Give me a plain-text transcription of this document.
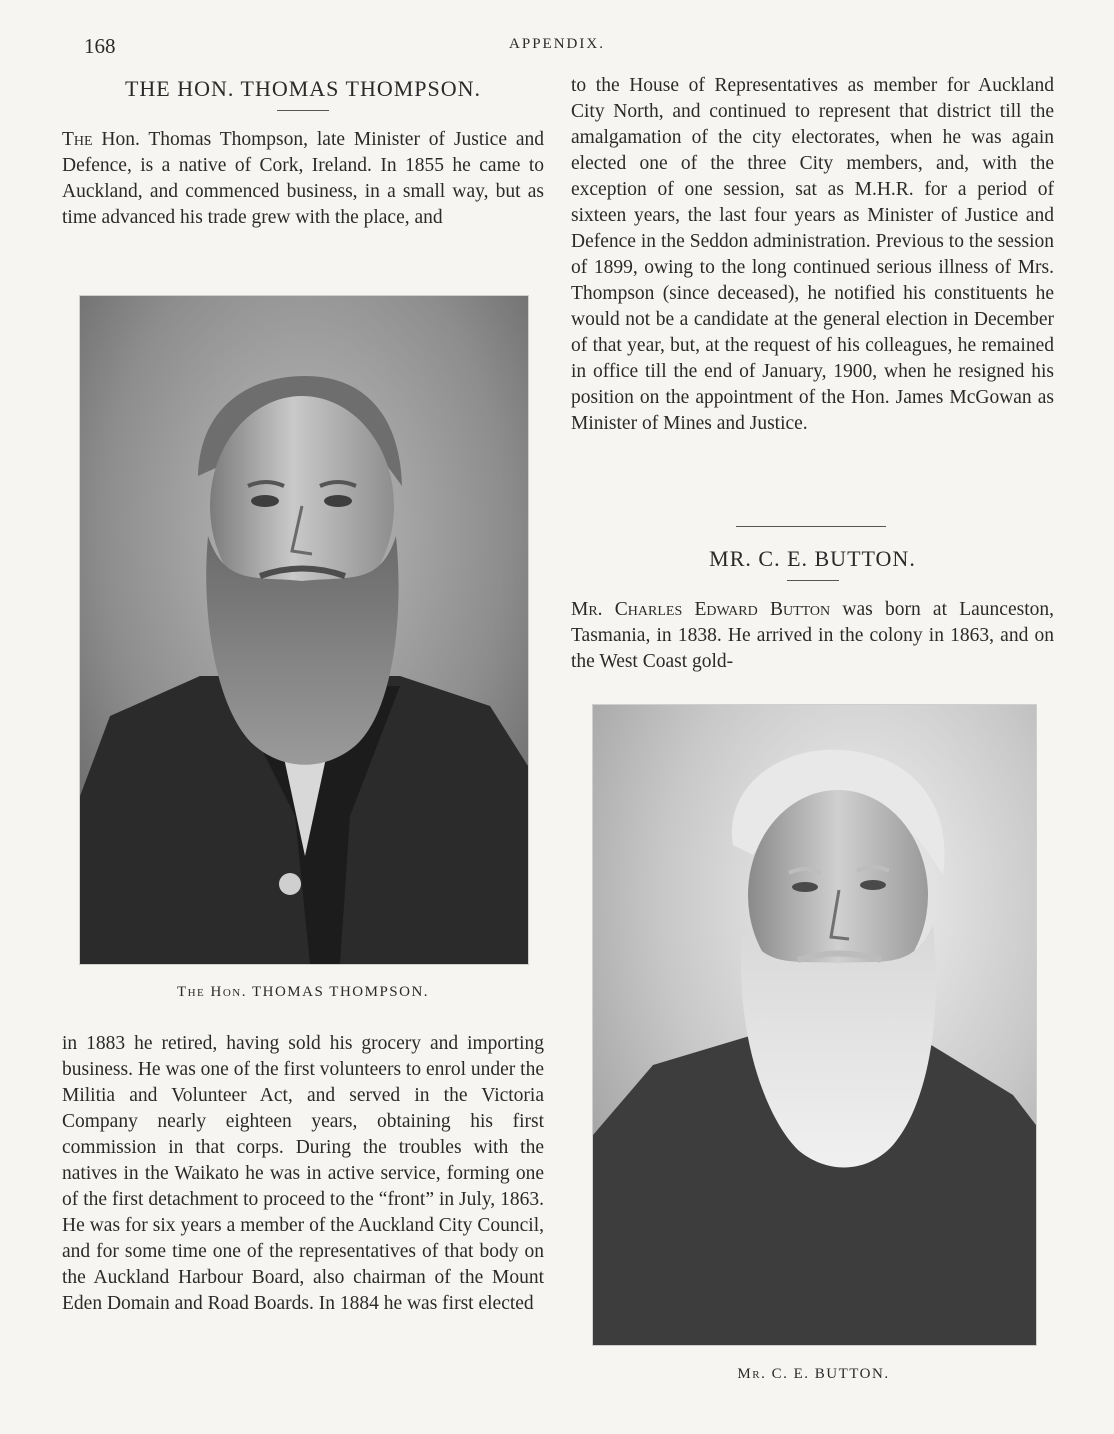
168	APPENDIX.
THE HON. THOMAS THOMPSON.

The Hon. Thomas Thompson, late Minister of Justice and Defence, is a native of Cork, Ireland. In 1855 he came to Auckland, and commenced business, in a small way, but as time advanced his trade grew with the place, and

The Hon. THOMAS THOMPSON.

in 1883 he retired, having sold his grocery and importing business. He was one of the first volunteers to enrol under the Militia and Volunteer Act, and served in the Victoria Company nearly eighteen years, obtaining his first commission in that corps. During the troubles with the natives in the Waikato he was in active service, forming one of the first detachment to proceed to the “front” in July, 1863. He was for six years a member of the Auckland City Council, and for some time one of the representatives of that body on the Auckland Harbour Board, also chairman of the Mount Eden Domain and Road Boards. In 1884 he was first elected

to the House of Representatives as member for Auckland City North, and continued to represent that district till the amalgamation of the city electorates, when he was again elected one of the three City members, and, with the exception of one session, sat as M.H.R. for a period of sixteen years, the last four years as Minister of Justice and Defence in the Seddon administration. Previous to the session of 1899, owing to the long continued serious illness of Mrs. Thompson (since deceased), he notified his constituents he would not be a candidate at the general election in December of that year, but, at the request of his colleagues, he remained in office till the end of January, 1900, when he resigned his position on the appointment of the Hon. James McGowan as Minister of Mines and Justice.

MR. C. E. BUTTON.

Mr. Charles Edward Button was born at Launceston, Tasmania, in 1838. He arrived in the colony in 1863, and on the West Coast gold-

Mr. C. E. BUTTON.
